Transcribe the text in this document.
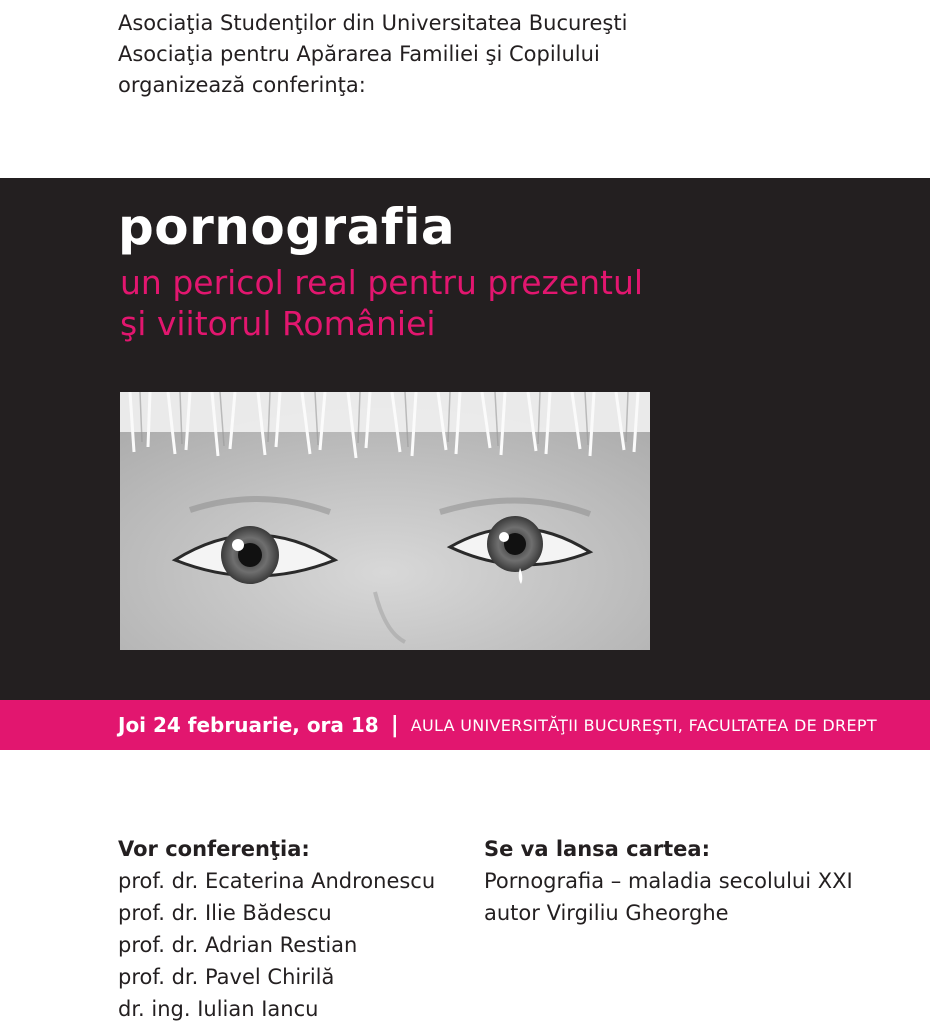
Asociaţia Studenţilor din Universitatea Bucureşti
Asociaţia pentru Apărarea Familiei şi Copilului
organizează conferinţa:
pornografia
un pericol real pentru prezentul
şi viitorul României
Joi 24 februarie, ora 18 | AULA UNIVERSITĂŢII BUCUREŞTI, FACULTATEA DE DREPT
Vor conferenţia:
prof. dr. Ecaterina Andronescu
prof. dr. Ilie Bădescu
prof. dr. Adrian Restian
prof. dr. Pavel Chirilă
dr. ing. Iulian Iancu
Se va lansa cartea:
Pornografia – maladia secolului XXI
autor Virgiliu Gheorghe
